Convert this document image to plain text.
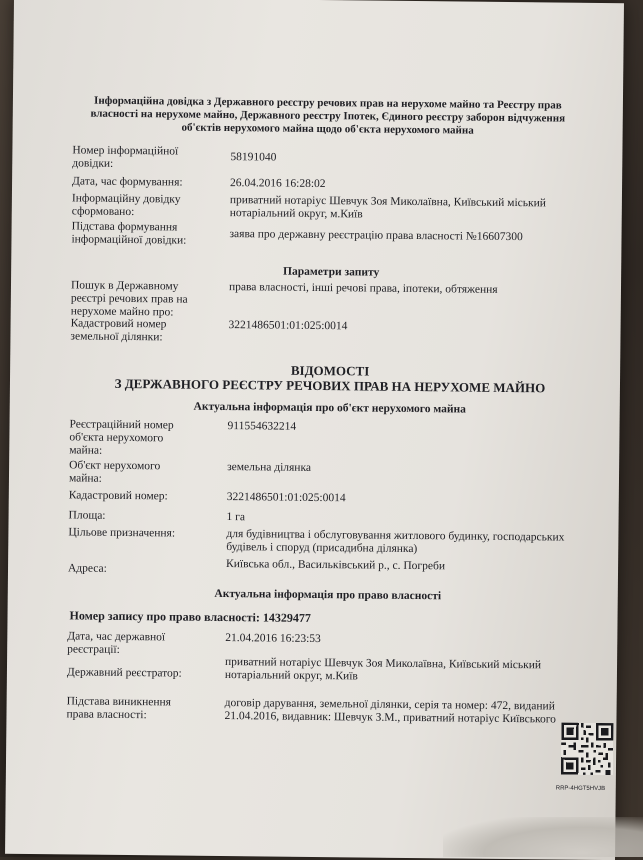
Інформаційна довідка з Державного реєстру речових прав на нерухоме майно та Реєстру прав власності на нерухоме майно, Державного реєстру Іпотек, Єдиного реєстру заборон відчуження об'єктів нерухомого майна щодо об'єкта нерухомого майна
Номер інформаційної довідки:
58191040
Дата, час формування:	26.04.2016 16:28:02
Інформаційну довідку сформовано:
приватний нотаріус Шевчук Зоя Миколаївна, Київський міський нотаріальний округ, м.Київ
Підстава формування інформаційної довідки:	заява про державну реєстрацію права власності №16607300
Параметри запиту
Пошук в Державному реєстрі речових прав на нерухоме майно про:
права власності, інші речові права, іпотеки, обтяження
Кадастровий номер земельної ділянки:
3221486501:01:025:0014
ВІДОМОСТІ
З ДЕРЖАВНОГО РЕЄСТРУ РЕЧОВИХ ПРАВ НА НЕРУХОМЕ МАЙНО
Актуальна інформація про об'єкт нерухомого майна
Реєстраційний номер об'єкта нерухомого майна:
911554632214
Об'єкт нерухомого майна:
земельна ділянка
Кадастровий номер:	3221486501:01:025:0014
Площа:	1 га
Цільове призначення:	для будівництва і обслуговування житлового будинку, господарських будівель і споруд (присадибна ділянка)
Адреса:	Київська обл., Васильківський р., с. Погреби
Актуальна інформація про право власності
Номер запису про право власності: 14329477
Дата, час державної реєстрації:
21.04.2016 16:23:53
Державний реєстратор:
приватний нотаріус Шевчук Зоя Миколаївна, Київський міський нотаріальний округ, м.Київ
Підстава виникнення права власності:
договір дарування, земельної ділянки, серія та номер: 472, виданий 21.04.2016, видавник: Шевчук З.М., приватний нотаріус Київського
RRP-4HGT5HVJB
